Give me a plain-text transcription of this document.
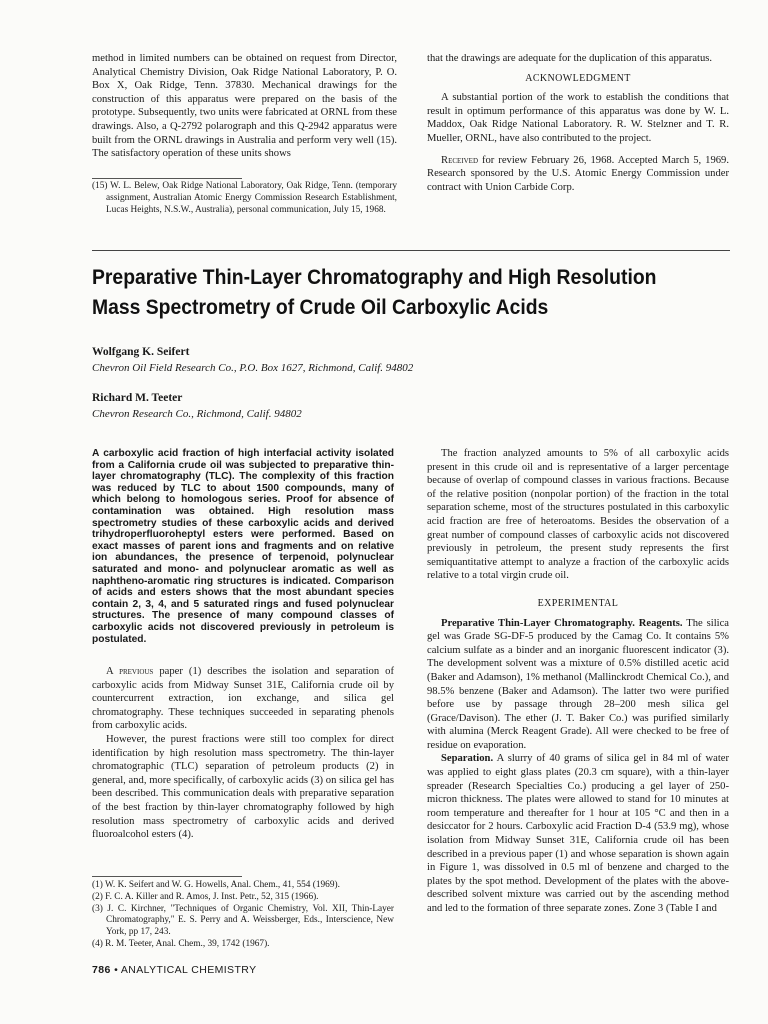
method in limited numbers can be obtained on request from Director, Analytical Chemistry Division, Oak Ridge National Laboratory, P. O. Box X, Oak Ridge, Tenn. 37830. Mechanical drawings for the construction of this apparatus were prepared on the basis of the prototype. Subsequently, two units were fabricated at ORNL from these drawings. Also, a Q-2792 polarograph and this Q-2942 apparatus were built from the ORNL drawings in Australia and perform very well (15). The satisfactory operation of these units shows

(15) W. L. Belew, Oak Ridge National Laboratory, Oak Ridge, Tenn. (temporary assignment, Australian Atomic Energy Commission Research Establishment, Lucas Heights, N.S.W., Australia), personal communication, July 15, 1968.

that the drawings are adequate for the duplication of this apparatus.

ACKNOWLEDGMENT

A substantial portion of the work to establish the conditions that result in optimum performance of this apparatus was done by W. L. Maddox, Oak Ridge National Laboratory. R. W. Stelzner and T. R. Mueller, ORNL, have also contributed to the project.

Received for review February 26, 1968. Accepted March 5, 1969. Research sponsored by the U.S. Atomic Energy Commission under contract with Union Carbide Corp.

Preparative Thin-Layer Chromatography and High Resolution
Mass Spectrometry of Crude Oil Carboxylic Acids
Wolfgang K. Seifert
Chevron Oil Field Research Co., P.O. Box 1627, Richmond, Calif. 94802
Richard M. Teeter
Chevron Research Co., Richmond, Calif. 94802

A carboxylic acid fraction of high interfacial activity isolated from a California crude oil was subjected to preparative thin-layer chromatography (TLC). The complexity of this fraction was reduced by TLC to about 1500 compounds, many of which belong to homologous series. Proof for absence of contamination was obtained. High resolution mass spectrometry studies of these carboxylic acids and derived trihydroperfluoroheptyl esters were performed. Based on exact masses of parent ions and fragments and on relative ion abundances, the presence of terpenoid, polynuclear saturated and mono- and polynuclear aromatic as well as naphtheno-aromatic ring structures is indicated. Comparison of acids and esters shows that the most abundant species contain 2, 3, 4, and 5 saturated rings and fused polynuclear structures. The presence of many compound classes of carboxylic acids not discovered previously in petroleum is postulated.

A previous paper (1) describes the isolation and separation of carboxylic acids from Midway Sunset 31E, California crude oil by countercurrent extraction, ion exchange, and silica gel chromatography. These techniques succeeded in separating phenols from carboxylic acids.

However, the purest fractions were still too complex for direct identification by high resolution mass spectrometry. The thin-layer chromatographic (TLC) separation of petroleum products (2) in general, and, more specifically, of carboxylic acids (3) on silica gel has been described. This communication deals with preparative separation of the best fraction by thin-layer chromatography followed by high resolution mass spectrometry of carboxylic acids and derived fluoroalcohol esters (4).

(1) W. K. Seifert and W. G. Howells, Anal. Chem., 41, 554 (1969).

(2) F. C. A. Killer and R. Amos, J. Inst. Petr., 52, 315 (1966).

(3) J. C. Kirchner, "Techniques of Organic Chemistry, Vol. XII, Thin-Layer Chromatography," E. S. Perry and A. Weissberger, Eds., Interscience, New York, pp 17, 243.

(4) R. M. Teeter, Anal. Chem., 39, 1742 (1967).

The fraction analyzed amounts to 5% of all carboxylic acids present in this crude oil and is representative of a larger percentage because of overlap of compound classes in various fractions. Because of the relative position (nonpolar portion) of the fraction in the total separation scheme, most of the structures postulated in this carboxylic acid fraction are free of heteroatoms. Besides the observation of a great number of compound classes of carboxylic acids not discovered previously in petroleum, the present study represents the first semiquantitative attempt to analyze a fraction of the carboxylic acids relative to a total virgin crude oil.

EXPERIMENTAL

Preparative Thin-Layer Chromatography. Reagents. The silica gel was Grade SG-DF-5 produced by the Camag Co. It contains 5% calcium sulfate as a binder and an inorganic fluorescent indicator (3). The development solvent was a mixture of 0.5% distilled acetic acid (Baker and Adamson), 1% methanol (Mallinckrodt Chemical Co.), and 98.5% benzene (Baker and Adamson). The latter two were purified before use by passage through 28–200 mesh silica gel (Grace/Davison). The ether (J. T. Baker Co.) was purified similarly with alumina (Merck Reagent Grade). All were checked to be free of residue on evaporation.

Separation. A slurry of 40 grams of silica gel in 84 ml of water was applied to eight glass plates (20.3 cm square), with a thin-layer spreader (Research Specialties Co.) producing a gel layer of 250-micron thickness. The plates were allowed to stand for 10 minutes at room temperature and thereafter for 1 hour at 105 °C and then in a desiccator for 2 hours. Carboxylic acid Fraction D-4 (53.9 mg), whose isolation from Midway Sunset 31E, California crude oil has been described in a previous paper (1) and whose separation is shown again in Figure 1, was dissolved in 0.5 ml of benzene and charged to the plates by the spot method. Development of the plates with the above-described solvent mixture was carried out by the ascending method and led to the formation of three separate zones. Zone 3 (Table I and

786 • ANALYTICAL CHEMISTRY
